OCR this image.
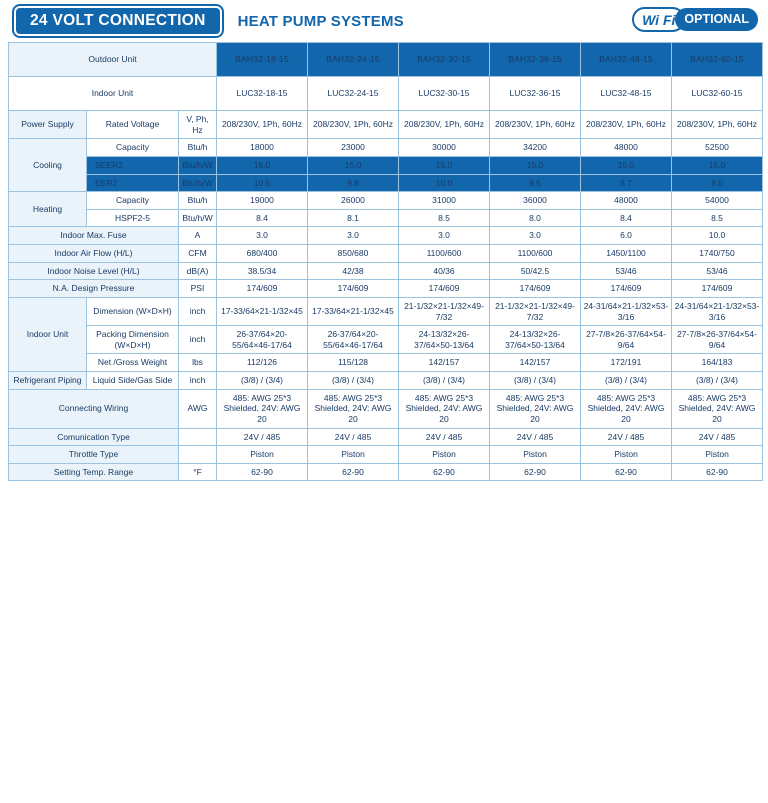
24 VOLT CONNECTION	HEAT PUMP SYSTEMS	Wi Fi OPTIONAL
Outdoor Unit			BAH32-18-15	BAH32-24-15	BAH32-30-15	BAH32-36-15	BAH32-48-15	BAH32-60-15
Indoor Unit			LUC32-18-15	LUC32-24-15	LUC32-30-15	LUC32-36-15	LUC32-48-15	LUC32-60-15
Power Supply	Rated Voltage	V, Ph, Hz	208/230V, 1Ph, 60Hz	208/230V, 1Ph, 60Hz	208/230V, 1Ph, 60Hz	208/230V, 1Ph, 60Hz	208/230V, 1Ph, 60Hz	208/230V, 1Ph, 60Hz
Cooling	Capacity	Btu/h	18000	23000	30000	34200	48000	52500
	SEER2	Btu/h/W	15.0	15.0	15.0	15.0	15.0	15.0
	EER2	Btu/h/W	10.5	9.8	10.0	9.5	8.7	8.0
Heating	Capacity	Btu/h	19000	26000	31000	36000	48000	54000
	HSPF2-5	Btu/h/W	8.4	8.1	8.5	8.0	8.4	8.5
Indoor Max. Fuse		A	3.0	3.0	3.0	3.0	6.0	10.0
Indoor Air Flow (H/L)		CFM	680/400	850/680	1100/600	1100/600	1450/1100	1740/750
Indoor Noise Level (H/L)		dB(A)	38.5/34	42/38	40/36	50/42.5	53/46	53/46
N.A. Design Pressure		PSI	174/609	174/609	174/609	174/609	174/609	174/609
Indoor Unit	Dimension (W×D×H)	inch	17-33/64×21-1/32×45	17-33/64×21-1/32×45	21-1/32×21-1/32×49-7/32	21-1/32×21-1/32×49-7/32	24-31/64×21-1/32×53-3/16	24-31/64×21-1/32×53-3/16
	Packing Dimension (W×D×H)	inch	26-37/64×20-55/64×46-17/64	26-37/64×20-55/64×46-17/64	24-13/32×26-37/64×50-13/64	24-13/32×26-37/64×50-13/64	27-7/8×26-37/64×54-9/64	27-7/8×26-37/64×54-9/64
	Net /Gross Weight	lbs	112/126	115/128	142/157	142/157	172/191	164/183
Refrigerant Piping	Liquid Side/Gas Side	inch	(3/8) / (3/4)	(3/8) / (3/4)	(3/8) / (3/4)	(3/8) / (3/4)	(3/8) / (3/4)	(3/8) / (3/4)
Connecting Wiring		AWG	485: AWG 25*3 Shielded, 24V: AWG 20	485: AWG 25*3 Shielded, 24V: AWG 20	485: AWG 25*3 Shielded, 24V: AWG 20	485: AWG 25*3 Shielded, 24V: AWG 20	485: AWG 25*3 Shielded, 24V: AWG 20	485: AWG 25*3 Shielded, 24V: AWG 20
Comunication Type			24V / 485	24V / 485	24V / 485	24V / 485	24V / 485	24V / 485
Throttle Type			Piston	Piston	Piston	Piston	Piston	Piston
Setting Temp. Range		°F	62-90	62-90	62-90	62-90	62-90	62-90
